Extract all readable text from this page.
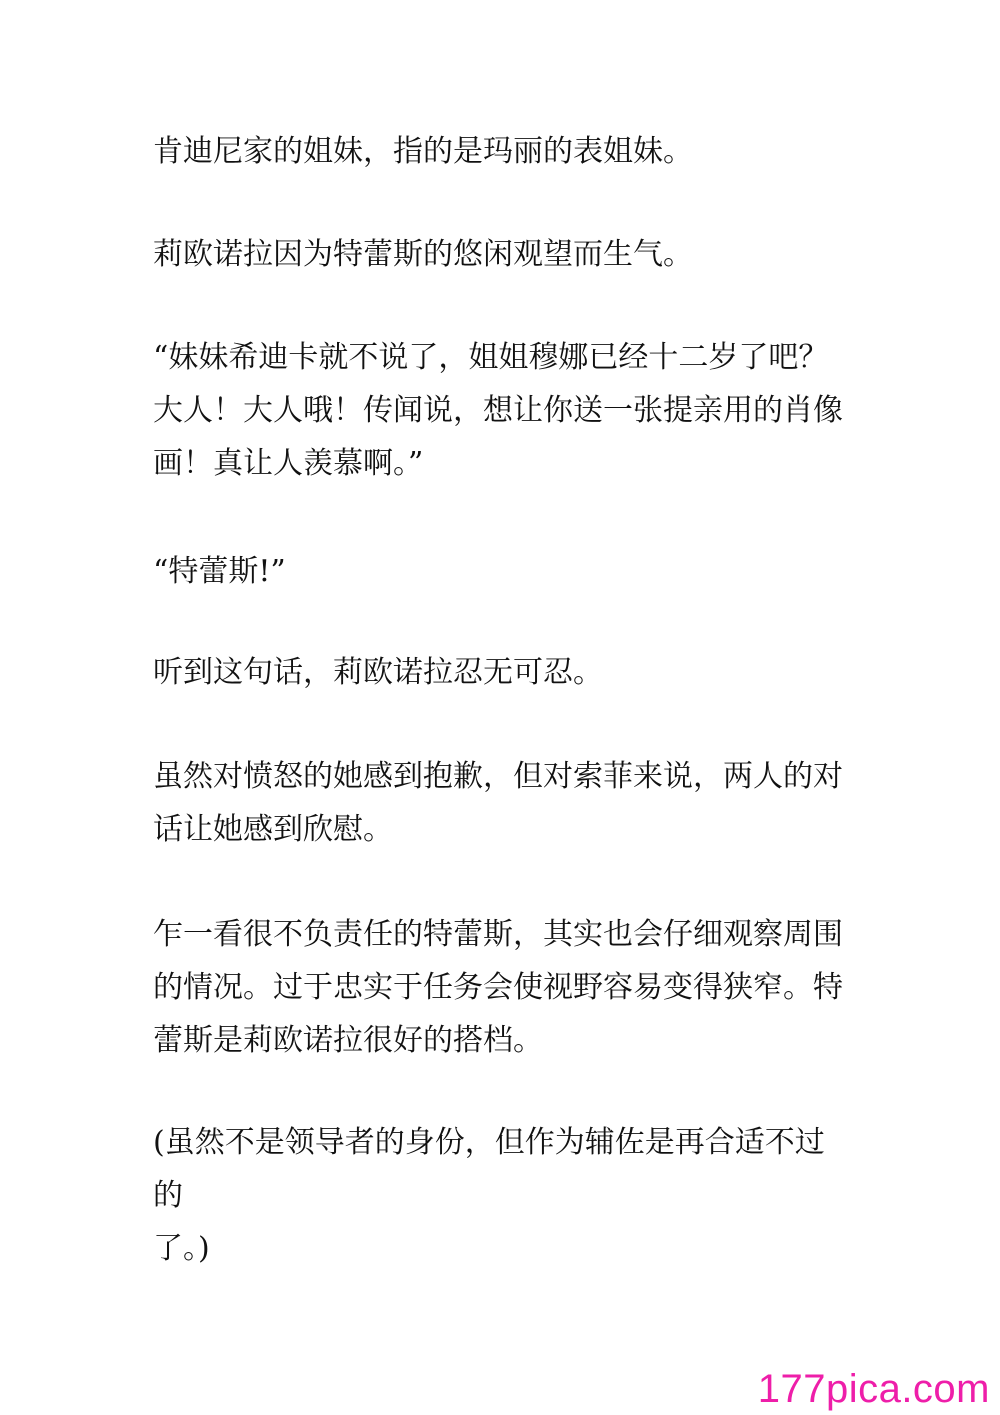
肯迪尼家的姐妹，指的是玛丽的表姐妹。

莉欧诺拉因为特蕾斯的悠闲观望而生气。

“妹妹希迪卡就不说了，姐姐穆娜已经十二岁了吧？
大人！大人哦！传闻说，想让你送一张提亲用的肖像
画！真让人羡慕啊。”

“特蕾斯!”

听到这句话，莉欧诺拉忍无可忍。

虽然对愤怒的她感到抱歉，但对索菲来说，两人的对
话让她感到欣慰。

乍一看很不负责任的特蕾斯，其实也会仔细观察周围
的情况。过于忠实于任务会使视野容易变得狭窄。特
蕾斯是莉欧诺拉很好的搭档。

(虽然不是领导者的身份，但作为辅佐是再合适不过的
了。)

177pica.com
